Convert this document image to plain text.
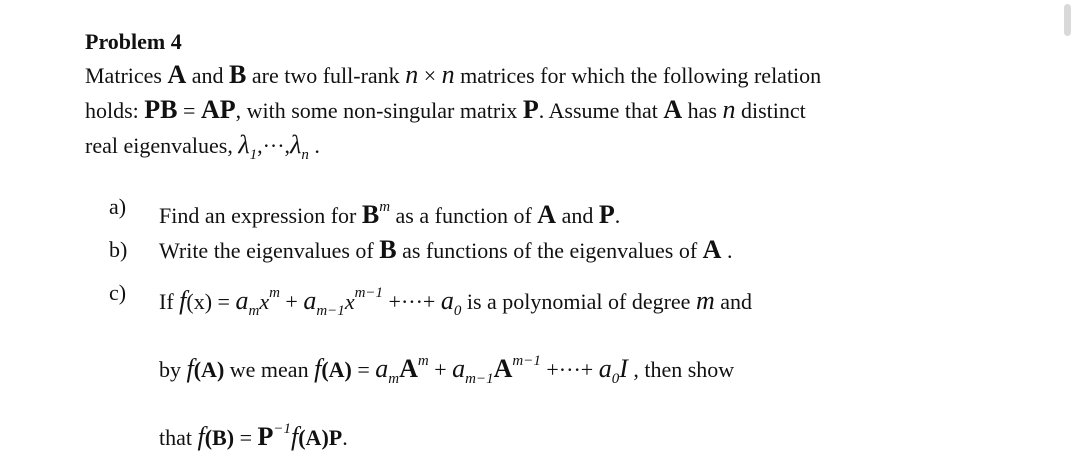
Problem 4

Matrices A and B are two full-rank n × n matrices for which the following relation

holds: PB = AP, with some non-singular matrix P. Assume that A has n distinct

real eigenvalues, $\lambda_1,\cdot\cdot\cdot,\lambda_n$ .

a) Find an expression for $B^m$ as a function of A and P.
b) Write the eigenvalues of B as functions of the eigenvalues of A .
c) If $f(x) = a_mx^m + a_{m-1}x^{m-1}$ +···+ $a_0$ is a polynomial of degree m and
by f(A) we mean $f(A) = a_mA^m + a_{m-1}A^{m-1}$ +···+ $a_0I$ , then show
that $f(B) = P^{-1}f(A)P$.
